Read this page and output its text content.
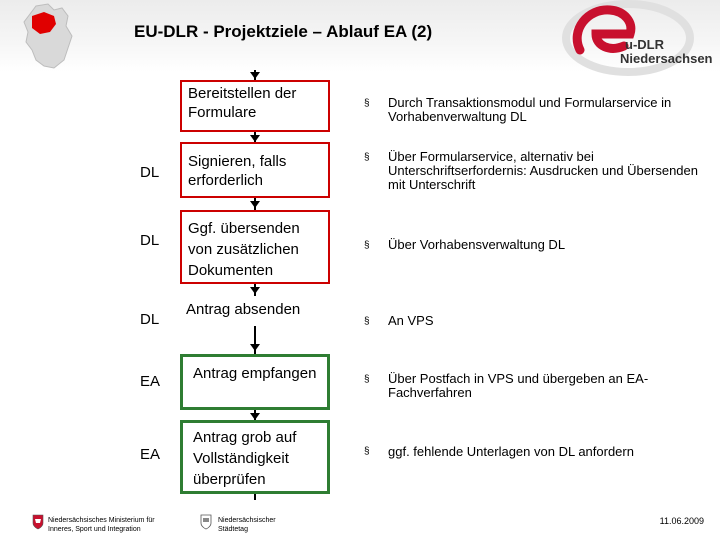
EU-DLR - Projektziele – Ablauf EA (2)
u-DLR
Niedersachsen
Bereitstellen der Formulare
§ Durch Transaktionsmodul und Formularservice in Vorhabenverwaltung DL
DL
Signieren, falls erforderlich
§ Über Formularservice, alternativ bei Unterschriftserfordernis: Ausdrucken und Übersenden mit Unterschrift
DL
Ggf. übersenden von zusätzlichen Dokumenten
§ Über Vorhabensverwaltung DL
DL
Antrag absenden
§ An VPS
EA	Antrag empfangen	§ Über Postfach in VPS und übergeben an EA-Fachverfahren
EA
Antrag grob auf Vollständigkeit überprüfen
§ ggf. fehlende Unterlagen von DL anfordern
Niedersächsisches Ministerium für Inneres, Sport und Integration
Niedersächsischer Städtetag
11.06.2009
